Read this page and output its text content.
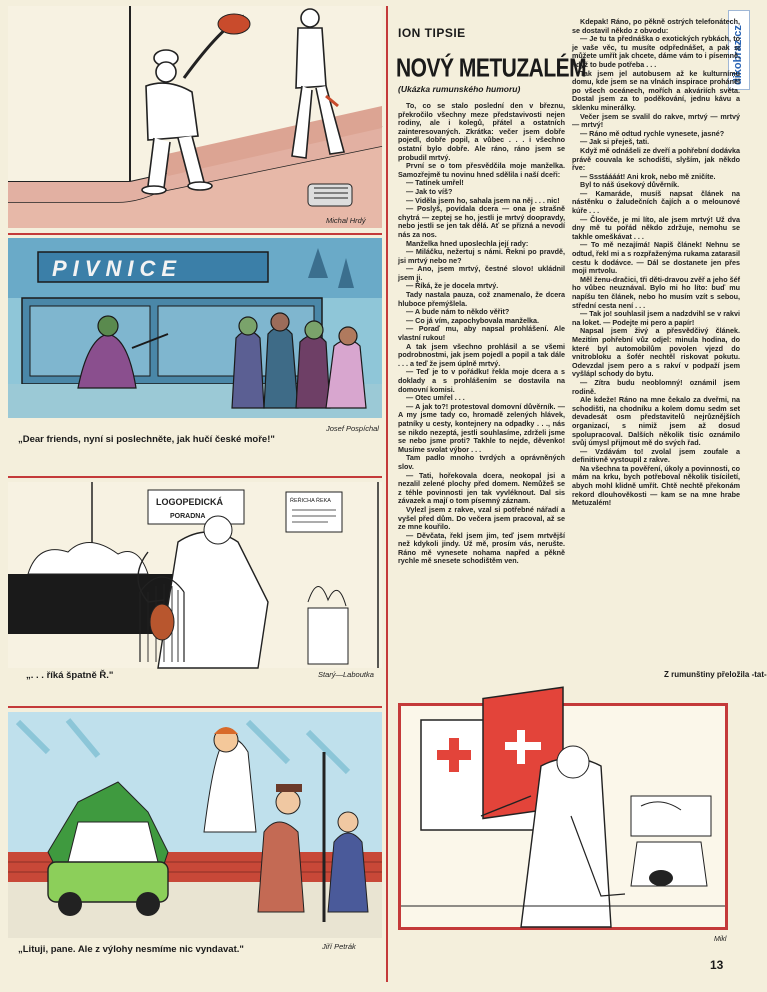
dikobraz.cz
Michal Hrdý
PIVNICE
Josef Pospíchal
„Dear friends, nyní si poslechněte, jak hučí české moře!"
LOGOPEDICKÁ
PORADNA
ŘEŘICHA ŘEKA
Starý—Laboutka
„. . . říká špatně Ř."
Jiří Petrák
„Lituji, pane. Ale z výlohy nesmíme nic vyndavat."
ION TIPSIE
NOVÝ METUZALÉM
(Ukázka rumunského humoru)

To, co se stalo poslední den v březnu, překročilo všechny meze představivosti nejen rodiny, ale i kolegů, přátel a ostatních zainteresovaných. Zkrátka: večer jsem dobře pojedl, dobře popil, a vůbec . . . i všechno ostatní bylo dobře. Ale ráno, ráno jsem se probudil mrtvý.

První se o tom přesvědčila moje manželka. Samozřejmě tu novinu hned sdělila i naší dceři:

— Tatínek umřel!

— Jak to víš?

— Viděla jsem ho, sahala jsem na něj . . . nic!

— Poslyš, povídala dcera — ona je strašně chytrá — zeptej se ho, jestli je mrtvý doopravdy, nebo jestli se jen tak dělá. Ať se přizná a nevodí nás za nos.

Manželka hned uposlechla její rady:

— Miláčku, nežertuj s námi. Řekni po pravdě, jsi mrtvý nebo ne?

— Ano, jsem mrtvý, čestné slovo! ukládnil jsem ji.

— Říká, že je docela mrtvý.

Tady nastala pauza, což znamenalo, že dcera hluboce přemýšlela.

— A bude nám to někdo věřit?

— Co já vím, zapochybovala manželka.

— Poraď mu, aby napsal prohlášení. Ale vlastní rukou!

A tak jsem všechno prohlásil a se všemi podrobnostmi, jak jsem pojedl a popil a tak dále . . . a teď že jsem úplně mrtvý.

— Teď je to v pořádku! řekla moje dcera a s doklady a s prohlášením se dostavila na domovní komisi.

— Otec umřel . . .

— A jak to?! protestoval domovní důvěrník. — A my jsme tady co, hromadě zelených hlávek, patníky u cesty, kontejnery na odpadky . . ., nás se nikdo nezeptá, jestli souhlasíme, zdrželi jsme se nebo jsme proti? Takhle to nejde, děvenko! Musíme svolat výbor . . .

Tam padlo mnoho tvrdých a oprávněných slov.

— Tati, hořekovala dcera, neokopal jsi a nezalil zelené plochy před domem. Nemůžeš se z téhle povinnosti jen tak vyvléknout. Dal sis závazek a mají o tom písemný záznam.

Vylezl jsem z rakve, vzal si potřebné nářadí a vyšel před dům. Do večera jsem pracoval, až se ze mne kouřilo.

— Děvčata, řekl jsem jim, teď jsem mrtvější než kdykoli jindy. Už mě, prosím vás, nerušte. Ráno mě vynesete nohama napřed a pěkně rychle mě snesete schodištěm ven.

Kdepak! Ráno, po pěkně ostrých telefonátech, se dostavil někdo z obvodu:

— Je tu ta přednáška o exotických rybkách, to je vaše věc, tu musíte odpřednášet, a pak si můžete umřít jak chcete, dáme vám to i písemně, když to bude potřeba . . .

Tak jsem jel autobusem až ke kulturnímu domu, kde jsem se na vlnách inspirace proháněl po všech oceánech, mořích a akváriích světa. Dostal jsem za to poděkování, jednu kávu a sklenku minerálky.

Večer jsem se svalil do rakve, mrtvý — mrtvý — mrtvý!

— Ráno mě odtud rychle vynesete, jasné?

— Jak si přeješ, tati.

Když mě odnášeli ze dveří a pohřební dodávka právě couvala ke schodišti, slyším, jak někdo řve:

— Ssstáááát! Ani krok, nebo mě zničíte.

Byl to náš úsekový důvěrník.

— Kamaráde, musíš napsat článek na nástěnku o žaludečních čajích a o melounové kúře . . .

— Člověče, je mi líto, ale jsem mrtvý! Už dva dny mě tu pořád někdo zdržuje, nemohu se takhle omeškávat . . .

— To mě nezajímá! Napiš článek! Nehnu se odtud, řekl mi a s rozpřaženýma rukama zatarasil cestu k dodávce. — Dál se dostanete jen přes moji mrtvolu.

Měl ženu-dračici, tři děti-dravou zvěř a jeho šéf ho vůbec neuznával. Bylo mi ho líto: buď mu napíšu ten článek, nebo ho musím vzít s sebou, střední cesta není . . .

— Tak jo! souhlasil jsem a nadzdvihl se v rakvi na loket. — Podejte mi pero a papír!

Napsal jsem živý a přesvědčivý článek. Mezitím pohřební vůz odjel: minula hodina, do které byl automobilům povolen vjezd do vnitrobloku a šofér nechtěl riskovat pokutu. Odevzdal jsem pero a s rakví v podpaží jsem vyšlápl schody do bytu.

— Zítra budu neoblomný! oznámil jsem rodině.

Ale kdeže! Ráno na mne čekalo za dveřmi, na schodišti, na chodníku a kolem domu sedm set devadesát osm představitelů nejrůznějších organizací, s nimiž jsem až dosud spolupracoval. Dalších několik tisíc oznámilo svůj úmysl přijmout mě do svých řad.

— Vzdávám to! zvolal jsem zoufale a definitivně vystoupil z rakve.

Na všechna ta pověření, úkoly a povinnosti, co mám na krku, bych potřeboval několik tisíciletí, abych mohl klidně umřít. Chtě nechtě překonám rekord dlouhověkosti — kam se na mne hrabe Metuzalém!

Z rumunštiny přeložila -tat-
Mikl
13
